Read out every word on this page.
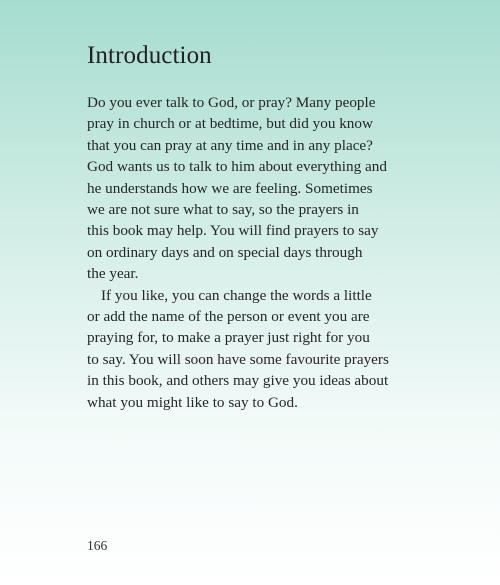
Introduction
Do you ever talk to God, or pray? Many people
pray in church or at bedtime, but did you know
that you can pray at any time and in any place?
God wants us to talk to him about everything and
he understands how we are feeling. Sometimes
we are not sure what to say, so the prayers in
this book may help. You will find prayers to say
on ordinary days and on special days through
the year.
If you like, you can change the words a little
or add the name of the person or event you are
praying for, to make a prayer just right for you
to say. You will soon have some favourite prayers
in this book, and others may give you ideas about
what you might like to say to God.
166
